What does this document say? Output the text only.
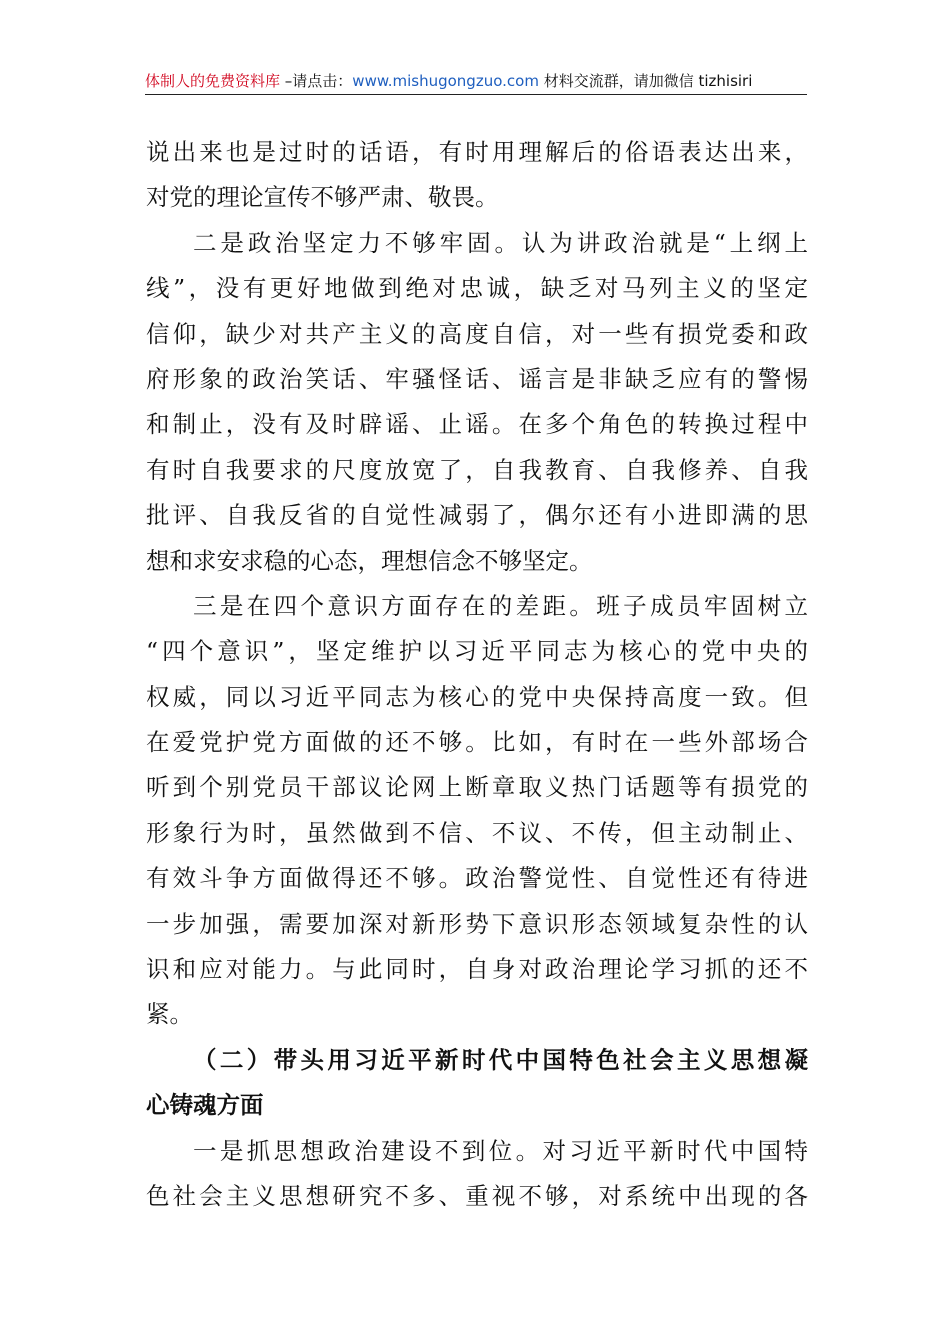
体制人的免费资料库 –请点击：www.mishugongzuo.com 材料交流群，请加微信 tizhisiri
说出来也是过时的话语，有时用理解后的俗语表达出来，
对党的理论宣传不够严肃、敬畏。
二是政治坚定力不够牢固。认为讲政治就是“上纲上
线”，没有更好地做到绝对忠诚，缺乏对马列主义的坚定
信仰，缺少对共产主义的高度自信，对一些有损党委和政
府形象的政治笑话、牢骚怪话、谣言是非缺乏应有的警惕
和制止，没有及时辟谣、止谣。在多个角色的转换过程中
有时自我要求的尺度放宽了，自我教育、自我修养、自我
批评、自我反省的自觉性减弱了，偶尔还有小进即满的思
想和求安求稳的心态，理想信念不够坚定。
三是在四个意识方面存在的差距。班子成员牢固树立
“四个意识”，坚定维护以习近平同志为核心的党中央的
权威，同以习近平同志为核心的党中央保持高度一致。但
在爱党护党方面做的还不够。比如，有时在一些外部场合
听到个别党员干部议论网上断章取义热门话题等有损党的
形象行为时，虽然做到不信、不议、不传，但主动制止、
有效斗争方面做得还不够。政治警觉性、自觉性还有待进
一步加强，需要加深对新形势下意识形态领域复杂性的认
识和应对能力。与此同时，自身对政治理论学习抓的还不
紧。
（二）带头用习近平新时代中国特色社会主义思想凝
心铸魂方面
一是抓思想政治建设不到位。对习近平新时代中国特
色社会主义思想研究不多、重视不够，对系统中出现的各
